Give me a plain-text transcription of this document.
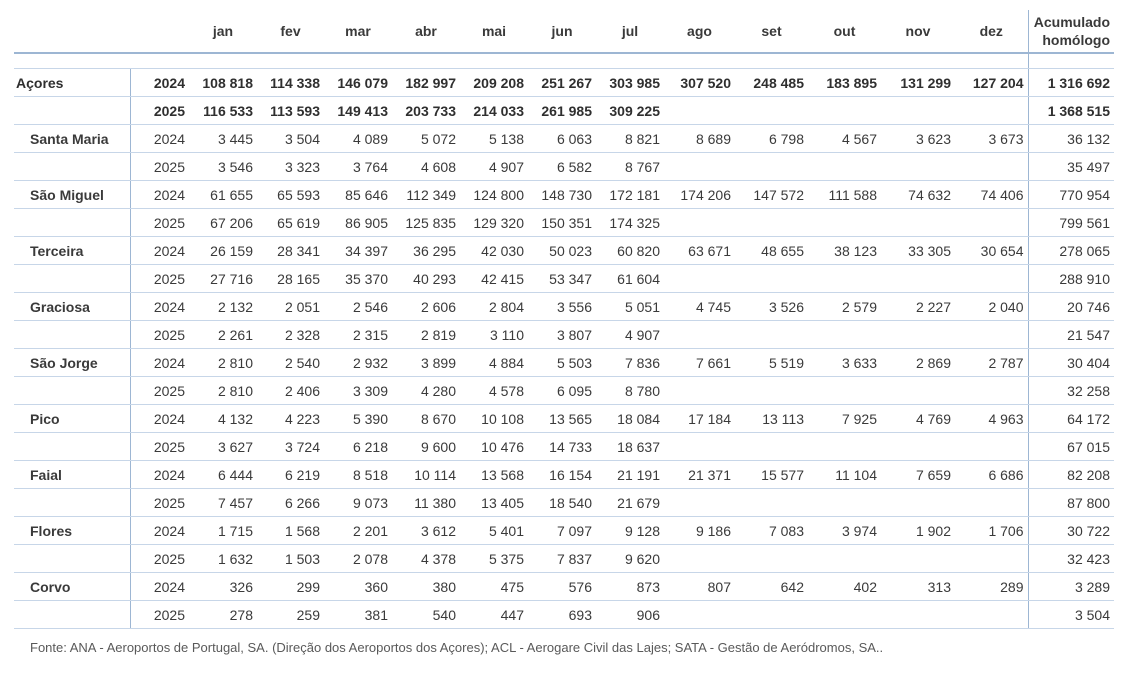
		jan	fev	mar	abr	mai	jun	jul	ago	set	out	nov	dez	Acumulado
homólogo

Açores	2024	108 818	114 338	146 079	182 997	209 208	251 267	303 985	307 520	248 485	183 895	131 299	127 204	1 316 692
	2025	116 533	113 593	149 413	203 733	214 033	261 985	309 225						1 368 515
Santa Maria	2024	3 445	3 504	4 089	5 072	5 138	6 063	8 821	8 689	6 798	4 567	3 623	3 673	36 132
	2025	3 546	3 323	3 764	4 608	4 907	6 582	8 767						35 497
São Miguel	2024	61 655	65 593	85 646	112 349	124 800	148 730	172 181	174 206	147 572	111 588	74 632	74 406	770 954
	2025	67 206	65 619	86 905	125 835	129 320	150 351	174 325						799 561
Terceira	2024	26 159	28 341	34 397	36 295	42 030	50 023	60 820	63 671	48 655	38 123	33 305	30 654	278 065
	2025	27 716	28 165	35 370	40 293	42 415	53 347	61 604						288 910
Graciosa	2024	2 132	2 051	2 546	2 606	2 804	3 556	5 051	4 745	3 526	2 579	2 227	2 040	20 746
	2025	2 261	2 328	2 315	2 819	3 110	3 807	4 907						21 547
São Jorge	2024	2 810	2 540	2 932	3 899	4 884	5 503	7 836	7 661	5 519	3 633	2 869	2 787	30 404
	2025	2 810	2 406	3 309	4 280	4 578	6 095	8 780						32 258
Pico	2024	4 132	4 223	5 390	8 670	10 108	13 565	18 084	17 184	13 113	7 925	4 769	4 963	64 172
	2025	3 627	3 724	6 218	9 600	10 476	14 733	18 637						67 015
Faial	2024	6 444	6 219	8 518	10 114	13 568	16 154	21 191	21 371	15 577	11 104	7 659	6 686	82 208
	2025	7 457	6 266	9 073	11 380	13 405	18 540	21 679						87 800
Flores	2024	1 715	1 568	2 201	3 612	5 401	7 097	9 128	9 186	7 083	3 974	1 902	1 706	30 722
	2025	1 632	1 503	2 078	4 378	5 375	7 837	9 620						32 423
Corvo	2024	326	299	360	380	475	576	873	807	642	402	313	289	3 289
	2025	278	259	381	540	447	693	906						3 504
Fonte: ANA - Aeroportos de Portugal, SA. (Direção dos Aeroportos dos Açores); ACL - Aerogare Civil das Lajes; SATA - Gestão de Aeródromos, SA..
